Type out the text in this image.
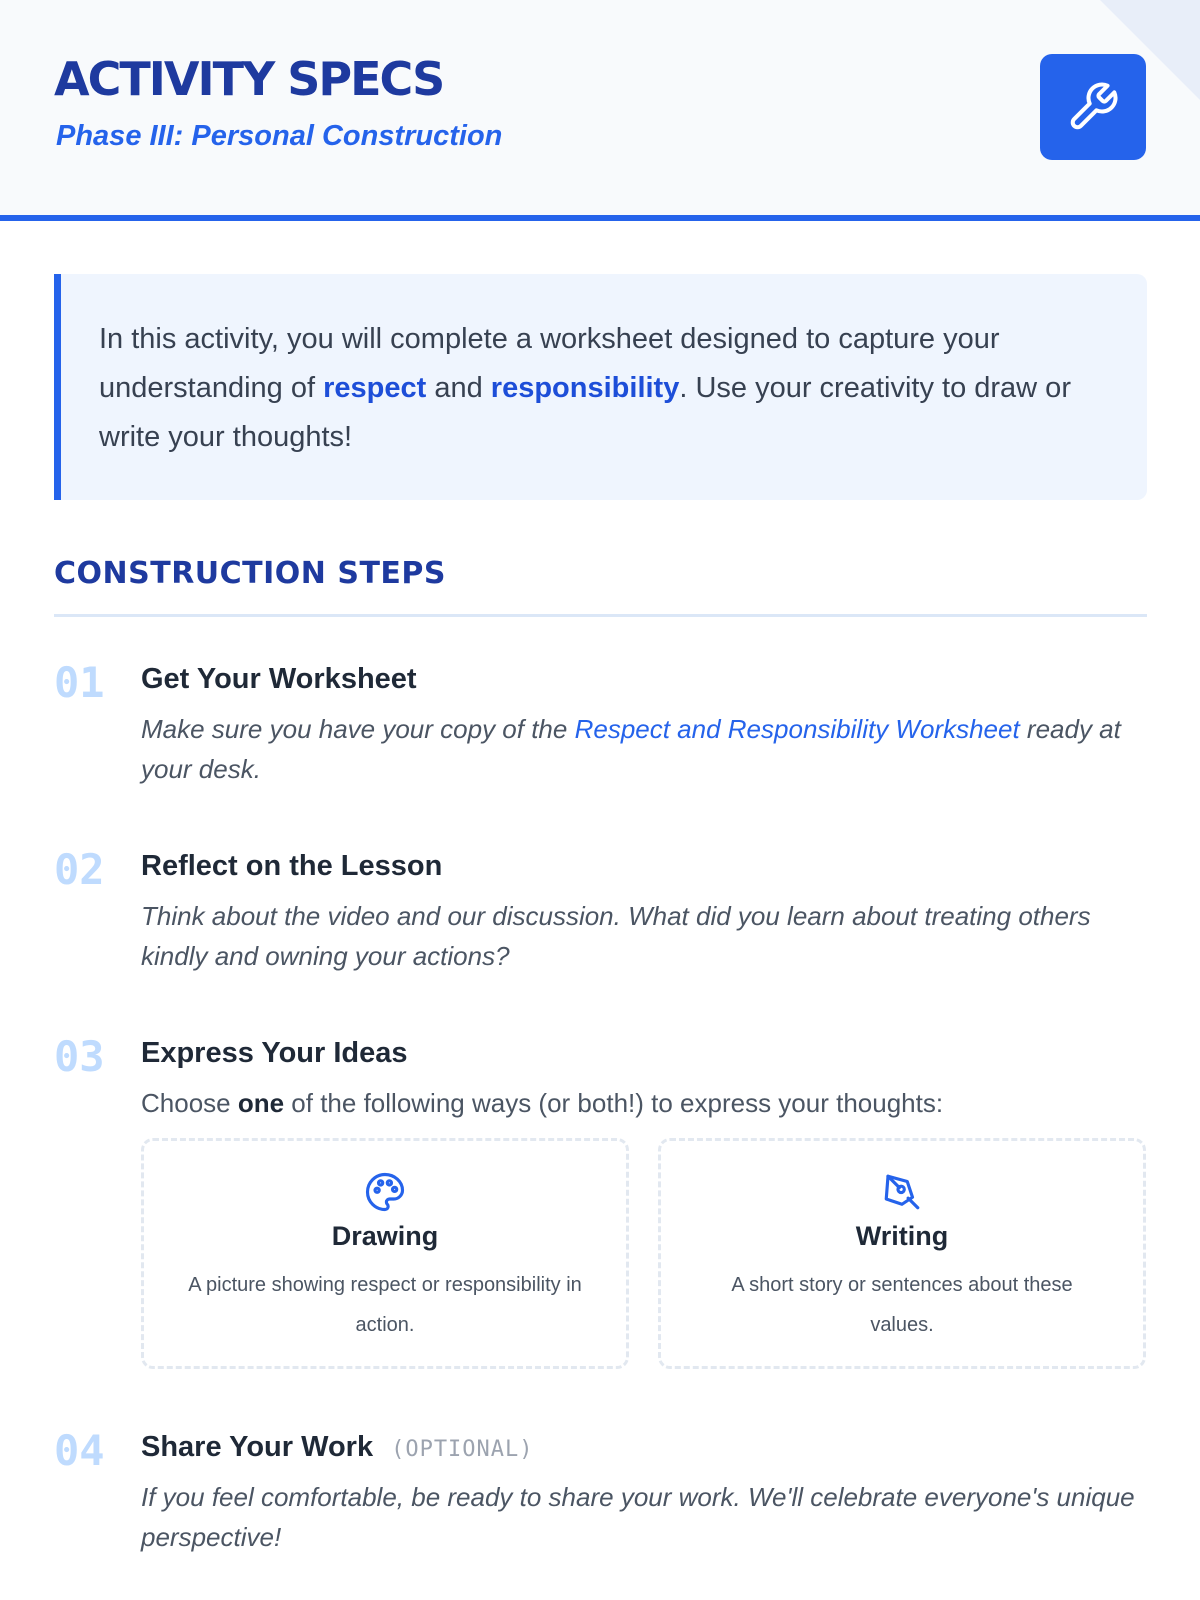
ACTIVITY SPECS
Phase III: Personal Construction

In this activity, you will complete a worksheet designed to capture your understanding of respect and responsibility. Use your creativity to draw or write your thoughts!

CONSTRUCTION STEPS

01 Get Your Worksheet

Make sure you have your copy of the Respect and Responsibility Worksheet ready at your desk.

02 Reflect on the Lesson

Think about the video and our discussion. What did you learn about treating others kindly and owning your actions?

03 Express Your Ideas

Choose one of the following ways (or both!) to express your thoughts:

Drawing

A picture showing respect or responsibility in action.

Writing

A short story or sentences about these values.

04 Share Your Work (OPTIONAL)

If you feel comfortable, be ready to share your work. We'll celebrate everyone's unique perspective!
